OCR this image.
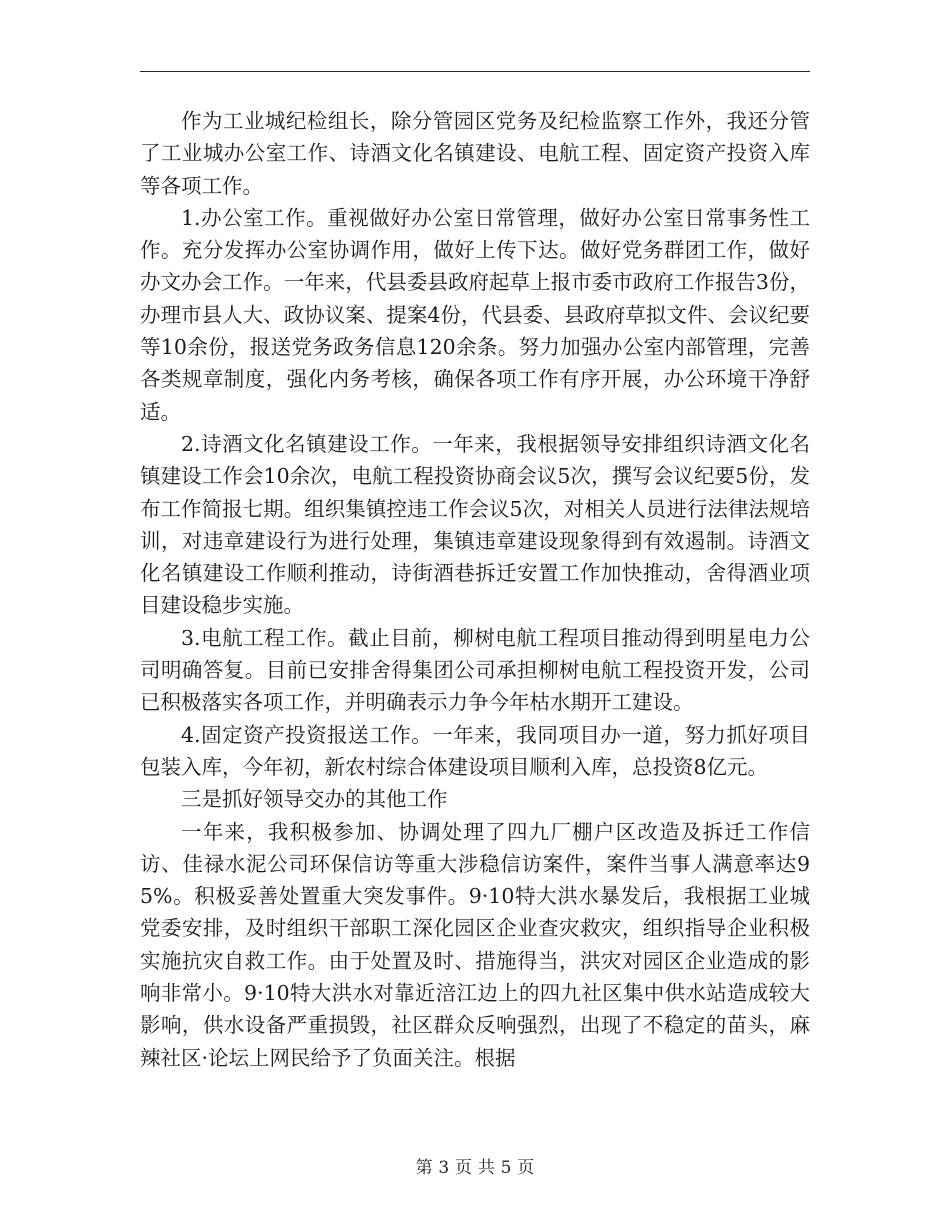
作为工业城纪检组长，除分管园区党务及纪检监察工作外，我还分管了工业城办公室工作、诗酒文化名镇建设、电航工程、固定资产投资入库等各项工作。

1.办公室工作。重视做好办公室日常管理，做好办公室日常事务性工作。充分发挥办公室协调作用，做好上传下达。做好党务群团工作，做好办文办会工作。一年来，代县委县政府起草上报市委市政府工作报告3份，办理市县人大、政协议案、提案4份，代县委、县政府草拟文件、会议纪要等10余份，报送党务政务信息120余条。努力加强办公室内部管理，完善各类规章制度，强化内务考核，确保各项工作有序开展，办公环境干净舒适。

2.诗酒文化名镇建设工作。一年来，我根据领导安排组织诗酒文化名镇建设工作会10余次，电航工程投资协商会议5次，撰写会议纪要5份，发布工作简报七期。组织集镇控违工作会议5次，对相关人员进行法律法规培训，对违章建设行为进行处理，集镇违章建设现象得到有效遏制。诗酒文化名镇建设工作顺利推动，诗街酒巷拆迁安置工作加快推动，舍得酒业项目建设稳步实施。

3.电航工程工作。截止目前，柳树电航工程项目推动得到明星电力公司明确答复。目前已安排舍得集团公司承担柳树电航工程投资开发，公司已积极落实各项工作，并明确表示力争今年枯水期开工建设。

4.固定资产投资报送工作。一年来，我同项目办一道，努力抓好项目包装入库，今年初，新农村综合体建设项目顺利入库，总投资8亿元。

三是抓好领导交办的其他工作

一年来，我积极参加、协调处理了四九厂棚户区改造及拆迁工作信访、佳禄水泥公司环保信访等重大涉稳信访案件，案件当事人满意率达95%。积极妥善处置重大突发事件。9·10特大洪水暴发后，我根据工业城党委安排，及时组织干部职工深化园区企业查灾救灾，组织指导企业积极实施抗灾自救工作。由于处置及时、措施得当，洪灾对园区企业造成的影响非常小。9·10特大洪水对靠近涪江边上的四九社区集中供水站造成较大影响，供水设备严重损毁，社区群众反响强烈，出现了不稳定的苗头，麻辣社区·论坛上网民给予了负面关注。根据

第 3 页 共 5 页
